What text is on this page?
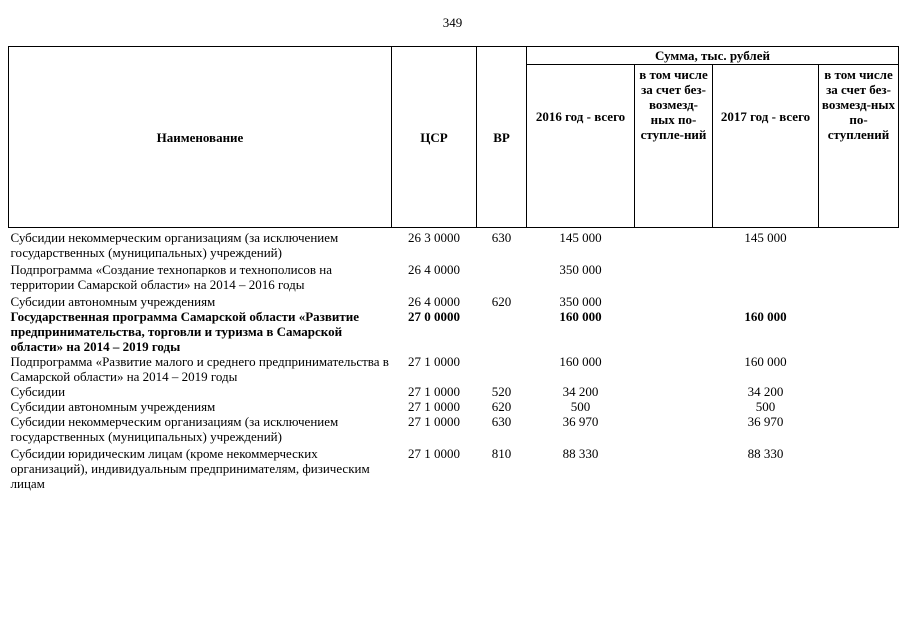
349
Наименование	ЦСР	ВР	Сумма, тыс. рублей			
			2016 год - всего	в том числе за счет без-возмезд-ных по-ступле-ний	2017 год - всего	в том числе за счет без-возмезд-ных по-ступлений
Субсидии некоммерческим организациям (за исключением государственных (муниципальных) учреждений)	26 3 0000	630	145 000		145 000	
Подпрограмма «Создание технопарков и технополисов на территории Самарской области» на 2014 – 2016 годы	26 4 0000		350 000			
Субсидии автономным учреждениям	26 4 0000	620	350 000			
Государственная программа Самарской области «Развитие предпринимательства, торговли и туризма в Самарской области» на 2014 – 2019 годы	27 0 0000		160 000		160 000	
Подпрограмма «Развитие малого и среднего предпринимательства в Самарской области» на 2014 – 2019 годы	27 1 0000		160 000		160 000	
Субсидии	27 1 0000	520	34 200		34 200	
Субсидии автономным учреждениям	27 1 0000	620	500		500	
Субсидии некоммерческим организациям (за исключением государственных (муниципальных) учреждений)	27 1 0000	630	36 970		36 970	
Субсидии юридическим лицам (кроме некоммерческих организаций), индивидуальным предпринимателям, физическим лицам	27 1 0000	810	88 330		88 330	
